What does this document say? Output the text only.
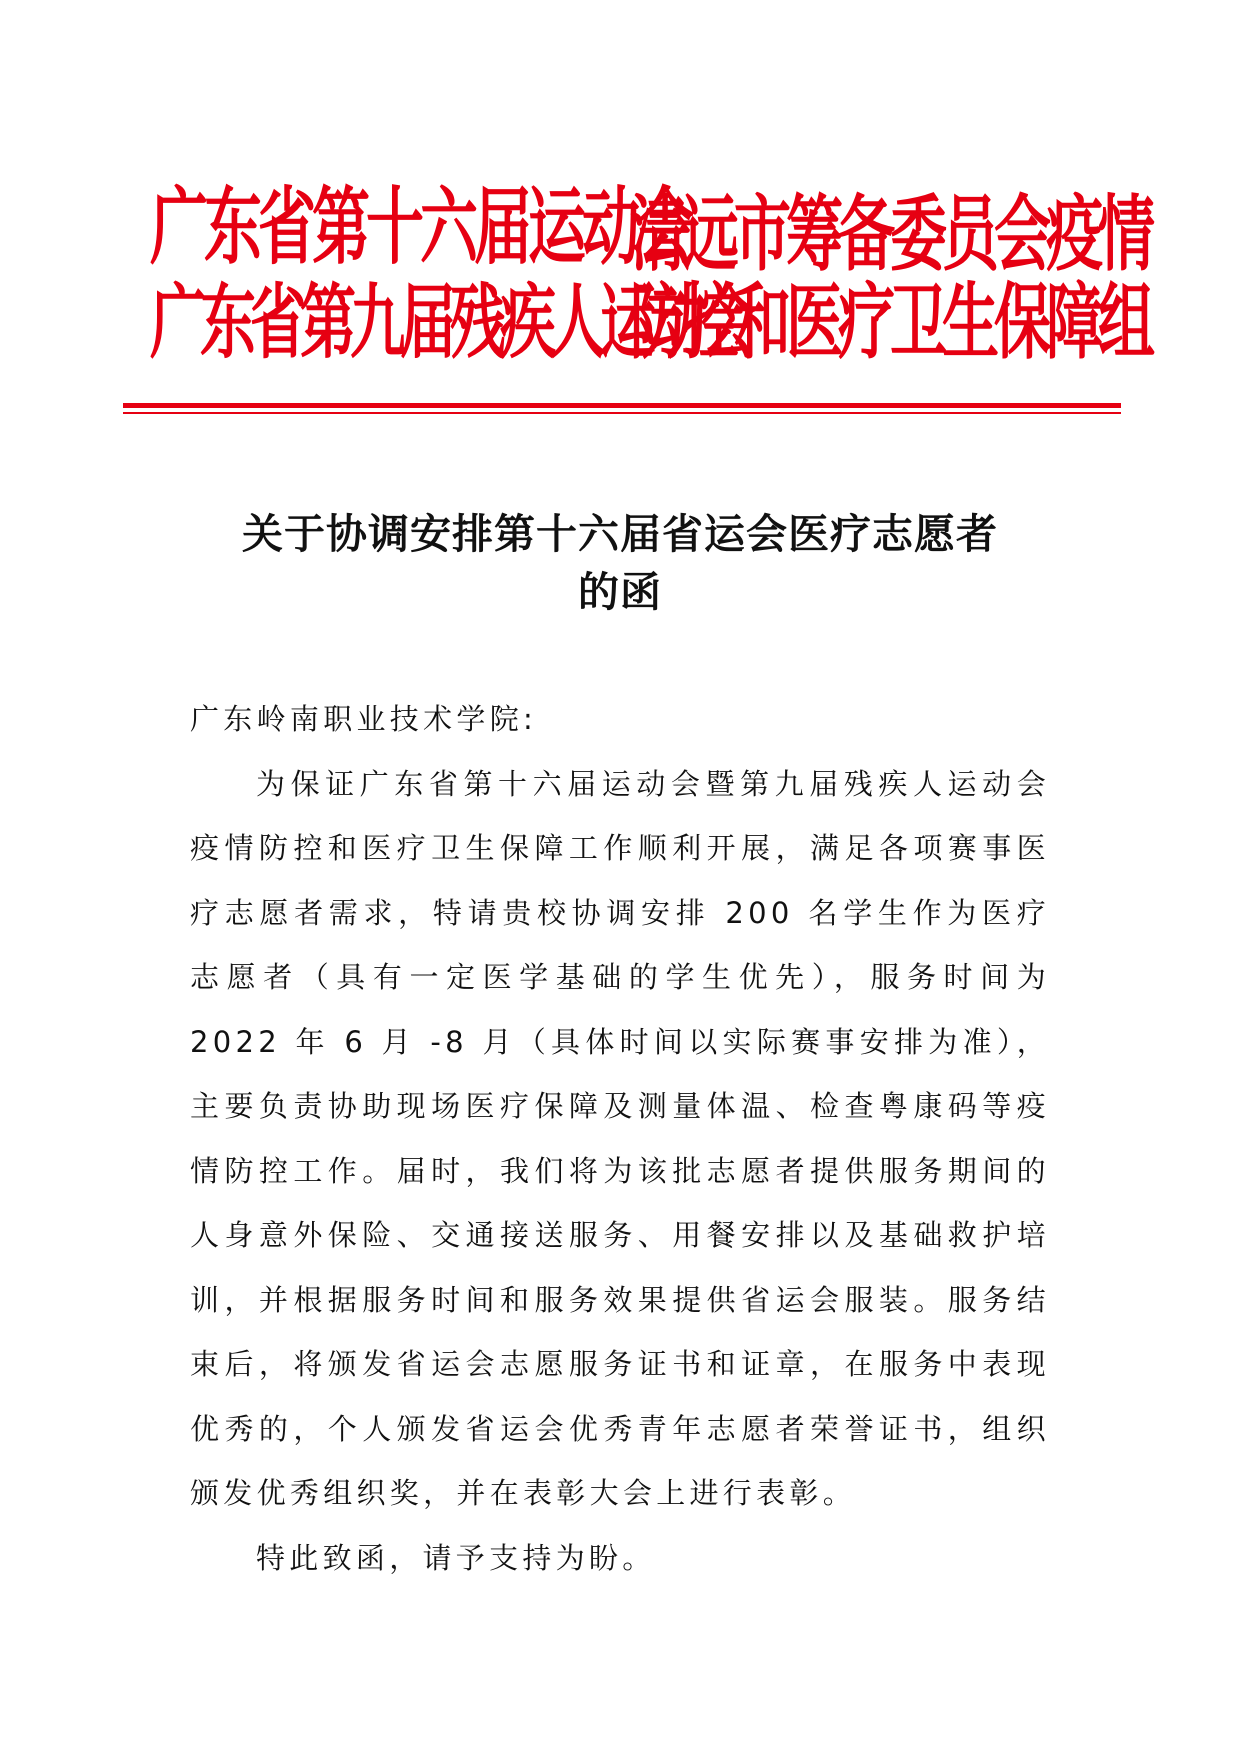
广东省第十六届运动会
广东省第九届残疾人运动会
清远市筹备委员会疫情
防控和医疗卫生保障组
关于协调安排第十六届省运会医疗志愿者
的函

广东岭南职业技术学院:

为保证广东省第十六届运动会暨第九届残疾人运动会疫情防控和医疗卫生保障工作顺利开展，满足各项赛事医疗志愿者需求，特请贵校协调安排 200 名学生作为医疗志愿者（具有一定医学基础的学生优先），服务时间为 2022 年 6 月 -8 月（具体时间以实际赛事安排为准），主要负责协助现场医疗保障及测量体温、检查粤康码等疫情防控工作。届时，我们将为该批志愿者提供服务期间的人身意外保险、交通接送服务、用餐安排以及基础救护培训，并根据服务时间和服务效果提供省运会服装。服务结束后，将颁发省运会志愿服务证书和证章，在服务中表现优秀的，个人颁发省运会优秀青年志愿者荣誉证书，组织颁发优秀组织奖，并在表彰大会上进行表彰。

特此致函，请予支持为盼。
